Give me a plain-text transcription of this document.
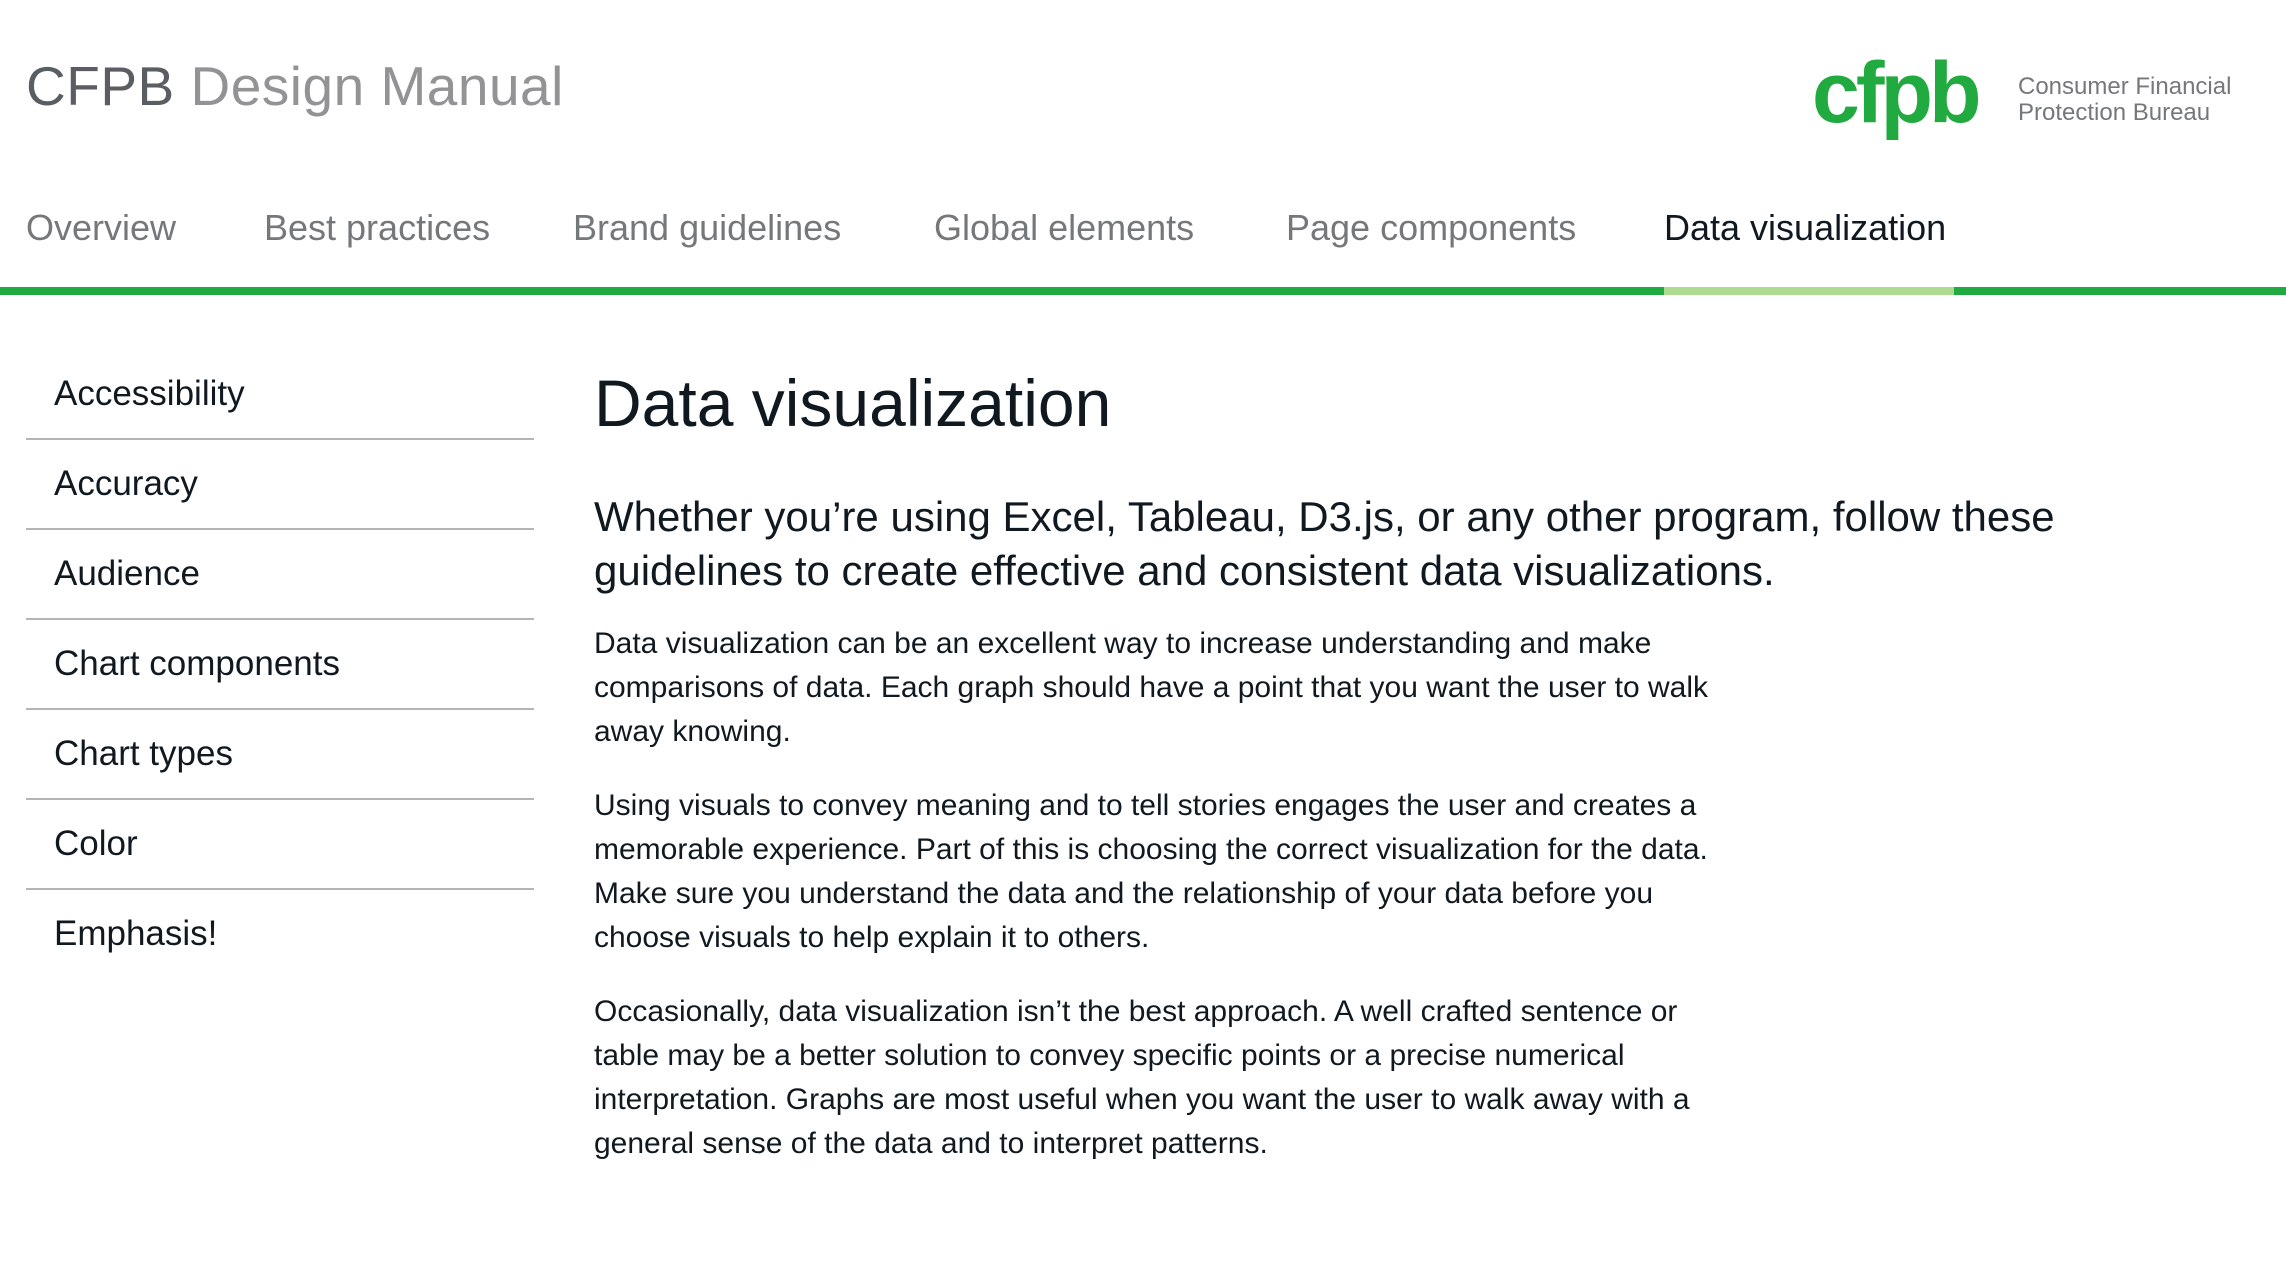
CFPB Design Manual	cfpb Consumer Financial
Protection Bureau
Overview Best practices Brand guidelines	Global elements	Page components Data visualization
Accessibility
Accuracy
Audience
Chart components
Chart types
Color
Emphasis!
Data visualization

Whether you’re using Excel, Tableau, D3.js, or any other program, follow these guidelines to create effective and consistent data visualizations.

Data visualization can be an excellent way to increase understanding and make comparisons of data. Each graph should have a point that you want the user to walk away knowing.

Using visuals to convey meaning and to tell stories engages the user and creates a memorable experience. Part of this is choosing the correct visualization for the data. Make sure you understand the data and the relationship of your data before you choose visuals to help explain it to others.

Occasionally, data visualization isn’t the best approach. A well crafted sentence or table may be a better solution to convey specific points or a precise numerical interpretation. Graphs are most useful when you want the user to walk away with a general sense of the data and to interpret patterns.
